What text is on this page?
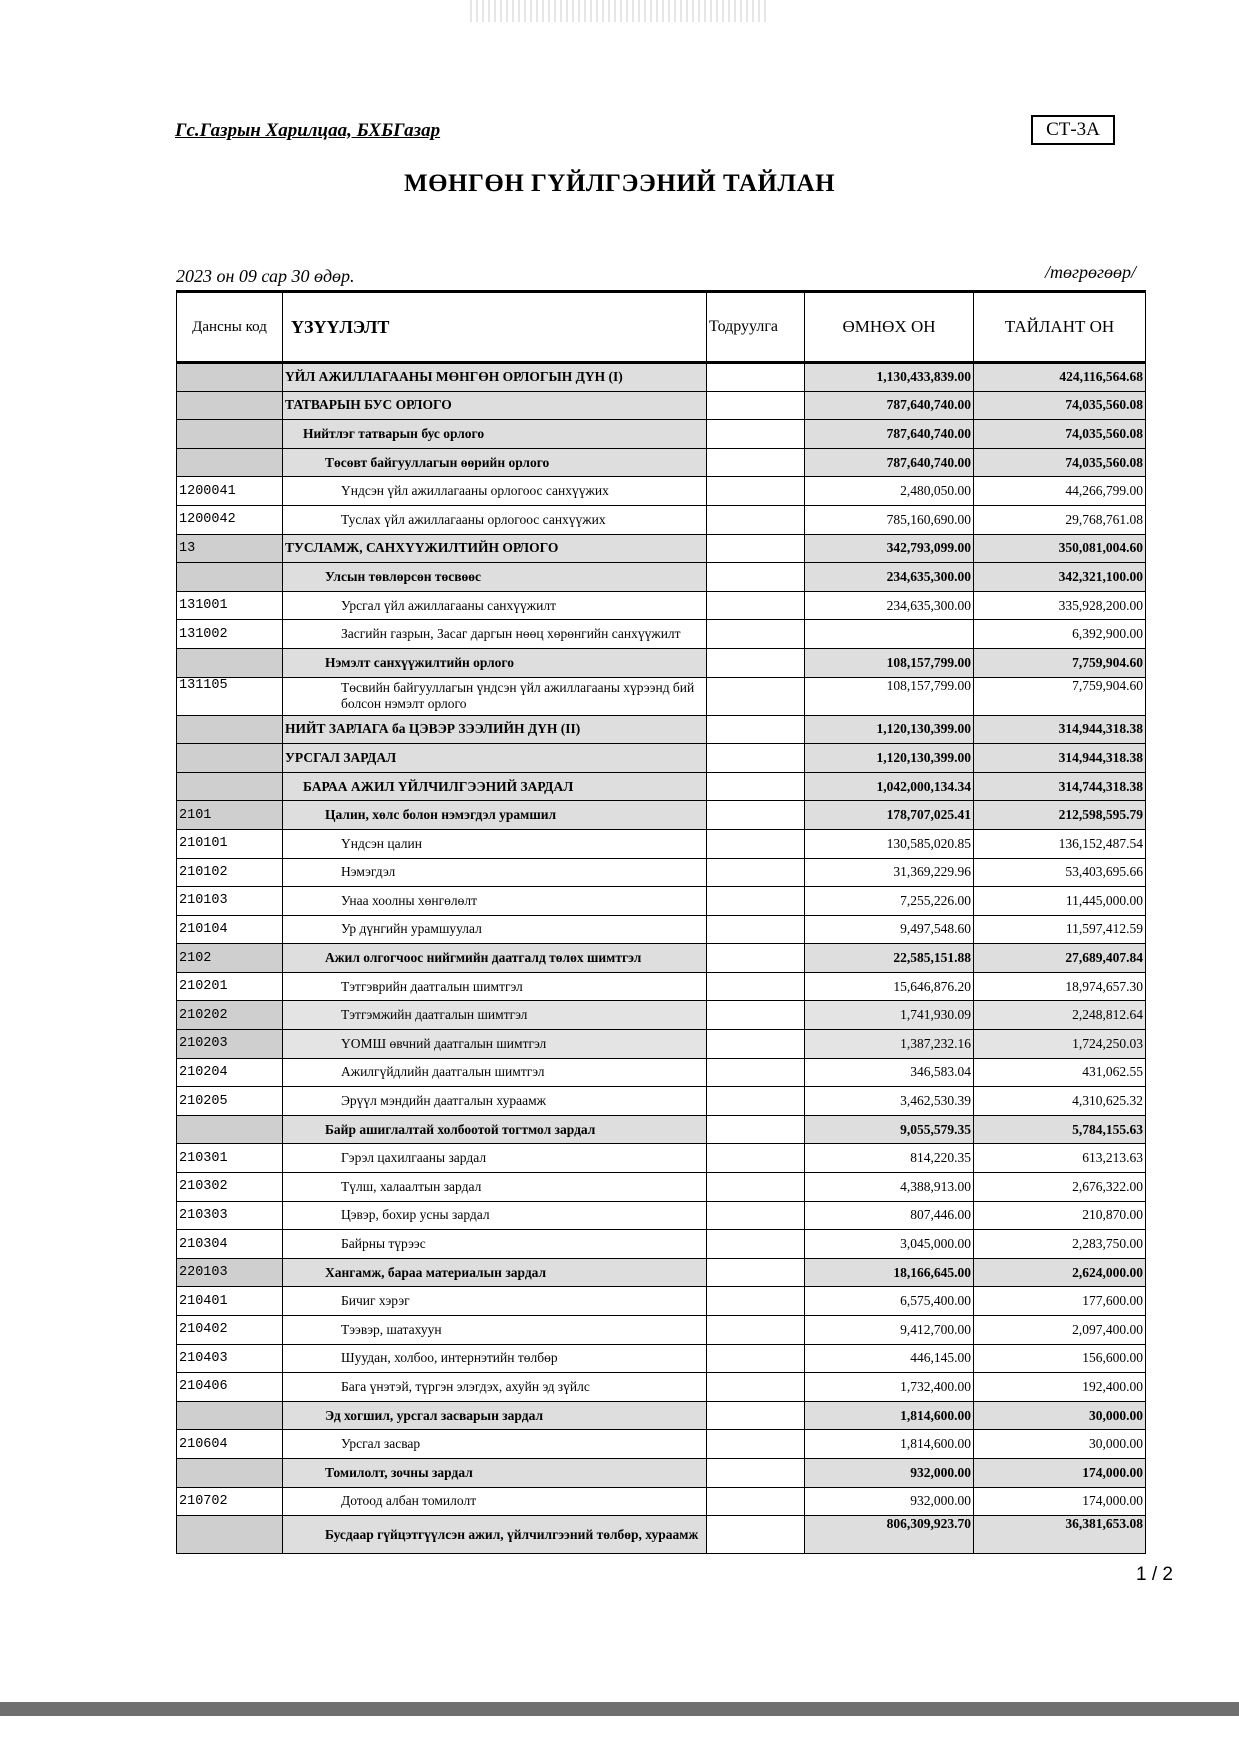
Гс.Газрын Харилцаа, БХБГазар	СТ-3А
МӨНГӨН ГҮЙЛГЭЭНИЙ ТАЙЛАН
2023 он 09 сар 30 өдөр.	/төгрөгөөр/
Дансны код	ҮЗҮҮЛЭЛТ	Тодруулга	ӨМНӨХ ОН	ТАЙЛАНТ ОН
	ҮЙЛ АЖИЛЛАГААНЫ МӨНГӨН ОРЛОГЫН ДҮН (I)		1,130,433,839.00	424,116,564.68
	ТАТВАРЫН БУС ОРЛОГО		787,640,740.00	74,035,560.08
	Нийтлэг татварын бус орлого		787,640,740.00	74,035,560.08
	Төсөвт байгууллагын өөрийн орлого		787,640,740.00	74,035,560.08
1200041	Үндсэн үйл ажиллагааны орлогоос санхүүжих		2,480,050.00	44,266,799.00
1200042	Туслах үйл ажиллагааны орлогоос санхүүжих		785,160,690.00	29,768,761.08
13	ТУСЛАМЖ, САНХҮҮЖИЛТИЙН ОРЛОГО		342,793,099.00	350,081,004.60
	Улсын төвлөрсөн төсвөөс		234,635,300.00	342,321,100.00
131001	Урсгал үйл ажиллагааны санхүүжилт		234,635,300.00	335,928,200.00
131002	Засгийн газрын, Засаг даргын нөөц хөрөнгийн санхүүжилт			6,392,900.00
	Нэмэлт санхүүжилтийн орлого		108,157,799.00	7,759,904.60
131105	Төсвийн байгууллагын үндсэн үйл ажиллагааны хүрээнд бий болсон нэмэлт орлого		108,157,799.00	7,759,904.60
	НИЙТ ЗАРЛАГА ба ЦЭВЭР ЗЭЭЛИЙН ДҮН (II)		1,120,130,399.00	314,944,318.38
	УРСГАЛ ЗАРДАЛ		1,120,130,399.00	314,944,318.38
	БАРАА АЖИЛ ҮЙЛЧИЛГЭЭНИЙ ЗАРДАЛ		1,042,000,134.34	314,744,318.38
2101	Цалин, хөлс болон нэмэгдэл урамшил		178,707,025.41	212,598,595.79
210101	Үндсэн цалин		130,585,020.85	136,152,487.54
210102	Нэмэгдэл		31,369,229.96	53,403,695.66
210103	Унаа хоолны хөнгөлөлт		7,255,226.00	11,445,000.00
210104	Ур дүнгийн урамшуулал		9,497,548.60	11,597,412.59
2102	Ажил олгогчоос нийгмийн даатгалд төлөх шимтгэл		22,585,151.88	27,689,407.84
210201	Тэтгэврийн даатгалын шимтгэл		15,646,876.20	18,974,657.30
210202	Тэтгэмжийн даатгалын шимтгэл		1,741,930.09	2,248,812.64
210203	ҮОМШ өвчний даатгалын шимтгэл		1,387,232.16	1,724,250.03
210204	Ажилгүйдлийн даатгалын шимтгэл		346,583.04	431,062.55
210205	Эрүүл мэндийн даатгалын хураамж		3,462,530.39	4,310,625.32
	Байр ашиглалтай холбоотой тогтмол зардал		9,055,579.35	5,784,155.63
210301	Гэрэл цахилгааны зардал		814,220.35	613,213.63
210302	Түлш, халаалтын зардал		4,388,913.00	2,676,322.00
210303	Цэвэр, бохир усны зардал		807,446.00	210,870.00
210304	Байрны түрээс		3,045,000.00	2,283,750.00
220103	Хангамж, бараа материалын зардал		18,166,645.00	2,624,000.00
210401	Бичиг хэрэг		6,575,400.00	177,600.00
210402	Тээвэр, шатахуун		9,412,700.00	2,097,400.00
210403	Шуудан, холбоо, интернэтийн төлбөр		446,145.00	156,600.00
210406	Бага үнэтэй, түргэн элэгдэх, ахуйн эд зүйлс		1,732,400.00	192,400.00
	Эд хогшил, урсгал засварын зардал		1,814,600.00	30,000.00
210604	Урсгал засвар		1,814,600.00	30,000.00
	Томилолт, зочны зардал		932,000.00	174,000.00
210702	Дотоод албан томилолт		932,000.00	174,000.00
	Бусдаар гүйцэтгүүлсэн ажил, үйлчилгээний төлбөр, хураамж		806,309,923.70	36,381,653.08
1 / 2
